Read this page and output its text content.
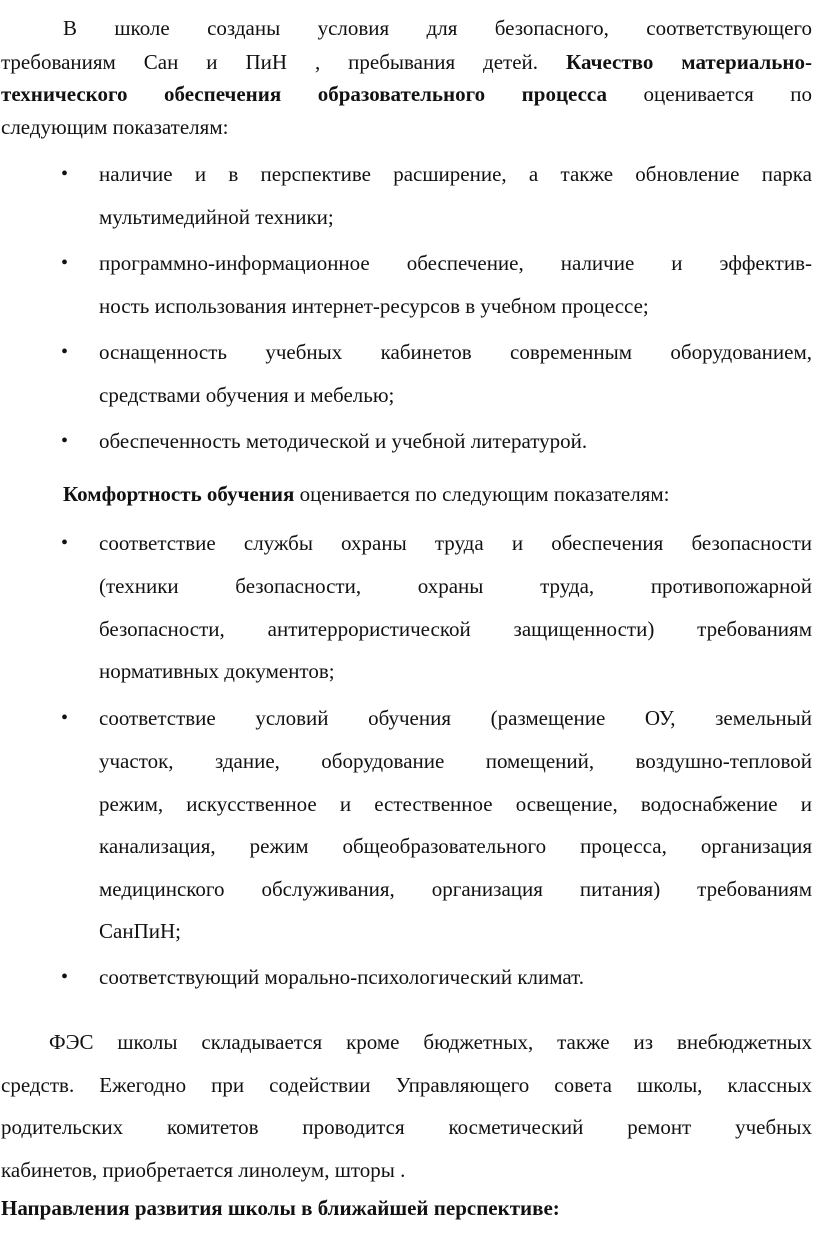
В школе созданы условия для безопасного, соответствующего
требованиям Сан и ПиН , пребывания детей. Качество материально-
технического обеспечения образовательного процесса оценивается по
следующим показателям:
• наличие и в перспективе расширение, а также обновление парка
мультимедийной техники;
• программно-информационное обеспечение, наличие и эффектив-
ность использования интернет-ресурсов в учебном процессе;
• оснащенность учебных кабинетов современным оборудованием,
средствами обучения и мебелью;
• обеспеченность методической и учебной литературой.
Комфортность обучения оценивается по следующим показателям:
• соответствие службы охраны труда и обеспечения безопасности
(техники безопасности, охраны труда, противопожарной
безопасности, антитеррористической защищенности) требованиям
нормативных документов;
• соответствие условий обучения (размещение ОУ, земельный
участок, здание, оборудование помещений, воздушно-тепловой
режим, искусственное и естественное освещение, водоснабжение и
канализация, режим общеобразовательного процесса, организация
медицинского обслуживания, организация питания) требованиям
СанПиН;
• соответствующий морально-психологический климат.
ФЭС школы складывается кроме бюджетных, также из внебюджетных
средств. Ежегодно при содействии Управляющего совета школы, классных
родительских комитетов проводится косметический ремонт учебных
кабинетов, приобретается линолеум, шторы .
Направления развития школы в ближайшей перспективе:
